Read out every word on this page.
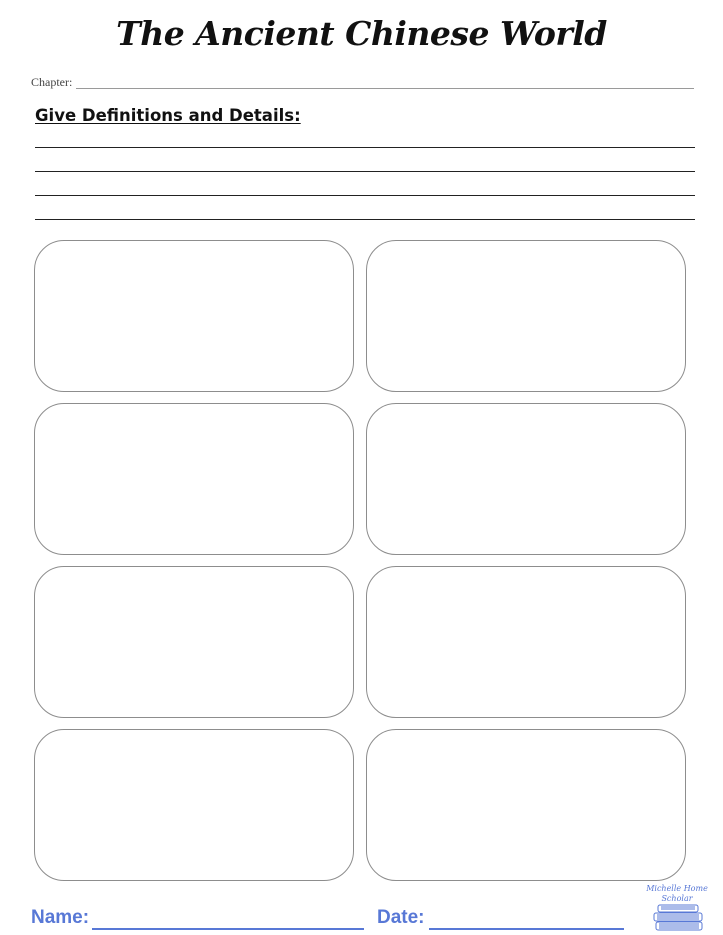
The Ancient Chinese World
Chapter:
Give Definitions and Details:
Name:	Date:
Michelle Home
Scholar
